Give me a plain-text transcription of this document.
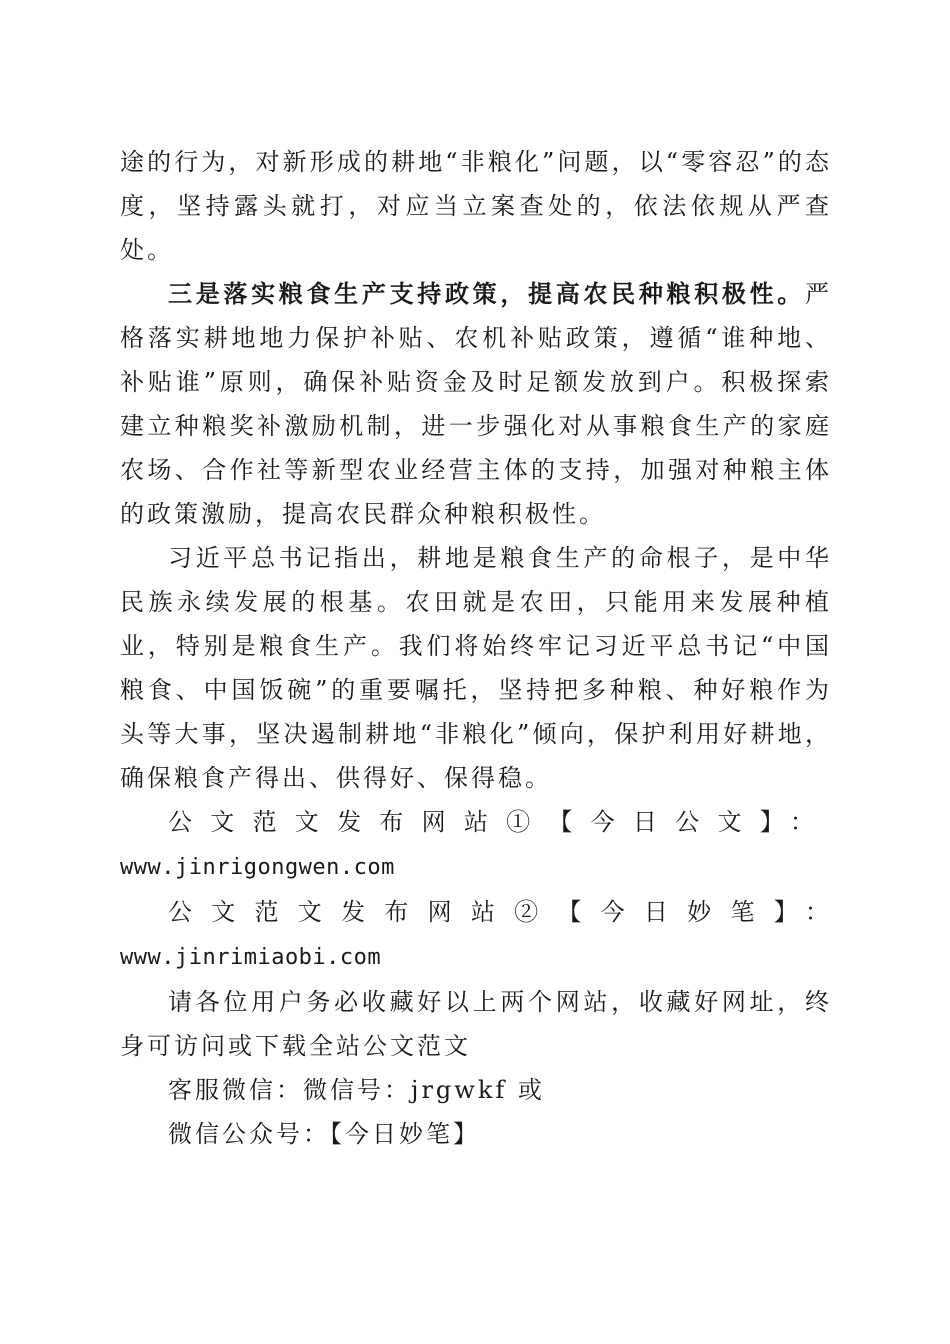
途的行为，对新形成的耕地“非粮化”问题，以“零容忍”的态度，坚持露头就打，对应当立案查处的，依法依规从严查处。

三是落实粮食生产支持政策，提高农民种粮积极性。严格落实耕地地力保护补贴、农机补贴政策，遵循“谁种地、补贴谁”原则，确保补贴资金及时足额发放到户。积极探索建立种粮奖补激励机制，进一步强化对从事粮食生产的家庭农场、合作社等新型农业经营主体的支持，加强对种粮主体的政策激励，提高农民群众种粮积极性。

习近平总书记指出，耕地是粮食生产的命根子，是中华民族永续发展的根基。农田就是农田，只能用来发展种植业，特别是粮食生产。我们将始终牢记习近平总书记“中国粮食、中国饭碗”的重要嘱托，坚持把多种粮、种好粮作为头等大事，坚决遏制耕地“非粮化”倾向，保护利用好耕地，确保粮食产得出、供得好、保得稳。

公文范文发布网站①【今日公文】：
www.jinrigongwen.com

公文范文发布网站②【今日妙笔】：www.jinrimiaobi.com

请各位用户务必收藏好以上两个网站，收藏好网址，终身可访问或下载全站公文范文

客服微信：微信号：jrgwkf 或

微信公众号：【今日妙笔】
